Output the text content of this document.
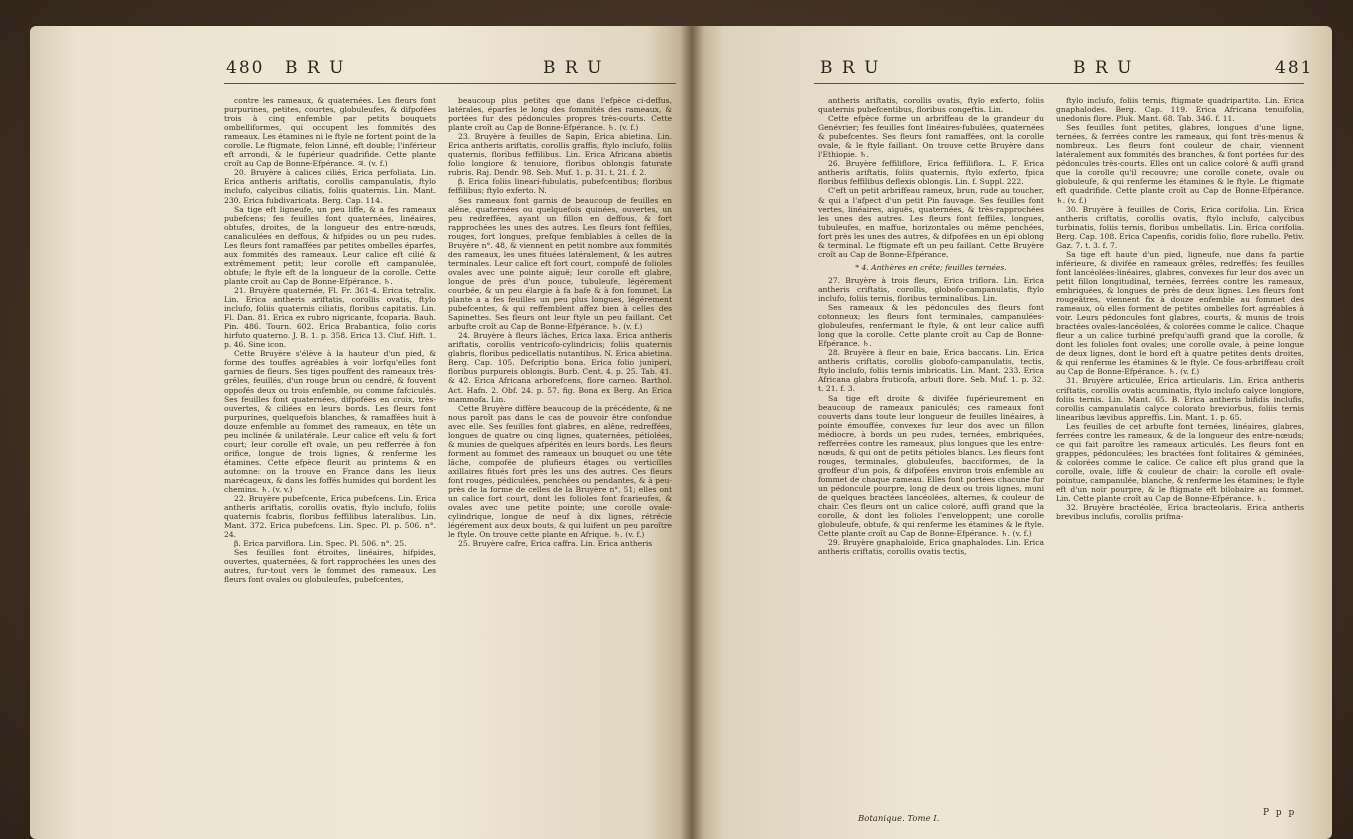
480 B R U	B R U	B R U	B R U	481

contre les rameaux, & quaternées. Les fleurs font purpurines, petites, courtes, globuleufes, & difpofées trois à cinq enfemble par petits bouquets ombelliformes, qui occupent les fommités des rameaux. Les étamines ni le ftyle ne fortent point de la corolle. Le ftigmate, felon Linné, eft double; l'inférieur eft arrondi, & le fupérieur quadrifide. Cette plante croît au Cap de Bonne-Efpérance. ♃. (v. f.)

20. Bruyère à calices ciliés, Erica perfoliata. Lin. Erica antheris ariftatis, corollis campanulatis, ftylo inclufo, calycibus ciliatis, foliis quaternis. Lin. Mant. 230. Erica fubdivaricata. Berg. Cap. 114.

Sa tige eft ligneufe, un peu liffe, & a fes rameaux pubefcens; fes feuilles font quaternées, linéaires, obtufes, droites, de la longueur des entre-nœuds, canaliculées en deffous, & hifpides ou un peu rudes. Les fleurs font ramaffées par petites ombelles éparfes, aux fommités des rameaux. Leur calice eft cilié & extrêmement petit; leur corolle eft campanulée, obtufe; le ftyle eft de la longueur de la corolle. Cette plante croît au Cap de Bonne-Efpérance. ♄.

21. Bruyère quaternée, Fl. Fr. 361-4. Erica tetralix. Lin. Erica antheris ariftatis, corollis ovatis, ftylo inclufo, foliis quaternis ciliatis, floribus capitatis. Lin. Fl. Dan. 81. Erica ex rubro nigricante, fcoparia. Bauh. Pin. 486. Tourn. 602. Erica Brabantica, folio coris hirfuto quaterno. J. B. 1. p. 358. Erica 13. Cluf. Hift. 1. p. 46. Sine icon.

Cette Bruyère s'élève à la hauteur d'un pied, & forme des touffes agréables à voir lorfqu'elles font garnies de fleurs. Ses tiges pouffent des rameaux très-grêles, feuillés, d'un rouge brun ou cendré, & fouvent oppofés deux ou trois enfemble, ou comme fafciculés. Ses feuilles font quaternées, difpofées en croix, très-ouvertes, & ciliées en leurs bords. Les fleurs font purpurines, quelquefois blanches, & ramaffées huit à douze enfemble au fommet des rameaux, en tête un peu inclinée & unilatérale. Leur calice eft velu & fort court; leur corolle eft ovale, un peu refferrée à fon orifice, longue de trois lignes, & renferme les étamines. Cette efpèce fleurit au printems & en automne: on la trouve en France dans les lieux marécageux, & dans les foffés humides qui bordent les chemins. ♄. (v. v.)

22. Bruyère pubefcente, Erica pubefcens. Lin. Erica antheris ariftatis, corollis ovatis, ftylo inclufo, foliis quaternis fcabris, floribus feffilibus lateralibus. Lin. Mant. 372. Erica pubefcens. Lin. Spec. Pl. p. 506. n°. 24.

β. Erica parviflora. Lin. Spec. Pl. 506. n°. 25.

Ses feuilles font étroites, linéaires, hifpides, ouvertes, quaternées, & fort rapprochées les unes des autres, fur-tout vers le fommet des rameaux. Les fleurs font ovales ou globuleufes, pubefcentes,

beaucoup plus petites que dans l'efpèce ci-deffus, latérales, éparfes le long des fommités des rameaux, & portées fur des pédoncules propres très-courts. Cette plante croît au Cap de Bonne-Efpérance. ♄. (v. f.)

23. Bruyère à feuilles de Sapin, Erica abietina. Lin. Erica antheris ariftatis, corollis graffis, ftylo inclufo, foliis quaternis, floribus feffilibus. Lin. Erica Africana abietis folio longiore & tenuiore, floribus oblongis faturate rubris. Raj. Dendr. 98. Seb. Muf. 1. p. 31. t. 21. f. 2.

β. Erica foliis lineari-fubulatis, pubefcentibus; floribus feffilibus; ftylo exferto. N.

Ses rameaux font garnis de beaucoup de feuilles en alêne, quaternées ou quelquefois quinées, ouvertes, un peu redreffées, ayant un fillon en deffous, & fort rapprochées les unes des autres. Les fleurs font feffiles, rouges, fort longues, prefque femblables à celles de la Bruyère n°. 48, & viennent en petit nombre aux fommités des rameaux, les unes fituées latéralement, & les autres terminales. Leur calice eft fort court, compofé de folioles ovales avec une pointe aiguë; leur corolle eft glabre, longue de près d'un pouce, tubuleufe, légérement courbée, & un peu élargie à fa bafe & à fon fommet. La plante a a fes feuilles un peu plus longues, légérement pubefcentes, & qui reffemblent affez bien à celles des Sapinettes. Ses fleurs ont leur ftyle un peu faillant. Cet arbufte croît au Cap de Bonne-Efpérance. ♄. (v. f.)

24. Bruyère à fleurs lâches, Erica laxa. Erica antheris ariftatis, corollis ventricofo-cylindricis; foliis quaternis glabris, floribus pedicellatis nutantibus. N. Erica abietina. Berg. Cap. 105. Defcriptio bona. Erica folio juniperi, floribus purpureis oblongis. Burb. Cent. 4. p. 25. Tab. 41. & 42. Erica Africana arborefcens, flore carneo. Barthol. Act. Hafn. 2. Obf. 24. p. 57. fig. Bona ex Berg. An Erica mammofa. Lin.

Cette Bruyère diffère beaucoup de la précédente, & ne nous paroît pas dans le cas de pouvoir être confondue avec elle. Ses feuilles font glabres, en alêne, redreffées, longues de quatre ou cinq lignes, quaternées, pétiolées, & munies de quelques afpérités en leurs bords. Les fleurs forment au fommet des rameaux un bouquet ou une tête lâche, compofée de plufieurs étages ou verticilles axillaires fitués fort près les uns des autres. Ces fleurs font rouges, pédiculées, penchées ou pendantes, & à peu-près de la forme de celles de la Bruyère n°. 51; elles ont un calice fort court, dont les folioles font fcarieufes, & ovales avec une petite pointe; une corolle ovale-cylindrique, longue de neuf à dix lignes, rétrécie légérement aux deux bouts, & qui luifent un peu paroître le ftyle. On trouve cette plante en Afrique. ♄. (v. f.)

25. Bruyère cafre, Erica caffra. Lin. Erica antheris

antheris ariftatis, corollis ovatis, ftylo exferto, foliis quaternis pubefcentibus, floribus congeftis. Lin.

Cette efpèce forme un arbriffeau de la grandeur du Genévrier; fes feuilles font linéaires-fubulées, quaternées & pubefcentes. Ses fleurs font ramaffées, ont la corolle ovale, & le ftyle faillant. On trouve cette Bruyère dans l'Ethiopie. ♄.

26. Bruyère feffiliflore, Erica feffiliflora. L. F. Erica antheris ariftatis, foliis quaternis, ftylo exferto, fpica floribus feffilibus deflexis oblongis. Lin. f. Suppl. 222.

C'eft un petit arbriffeau rameux, brun, rude au toucher, & qui a l'afpect d'un petit Pin fauvage. Ses feuilles font vertes, linéaires, aiguës, quaternées, & très-rapprochées les unes des autres. Les fleurs font feffiles, longues, tubuleufes, en maffue, horizontales ou même penchées, fort près les unes des autres, & difpofées en un épi oblong & terminal. Le ftigmate eft un peu faillant. Cette Bruyère croît au Cap de Bonne-Efpérance.

* 4. Anthères en crête; feuilles ternées.

27. Bruyère à trois fleurs, Erica triflora. Lin. Erica antheris criftatis, corollis, globofo-campanulatis, ftylo inclufo, foliis ternis, floribus terminalibus. Lin.

Ses rameaux & les pédoncules des fleurs font cotonneux; les fleurs font terminales, campanulées-globuleufes, renfermant le ftyle, & ont leur calice auffi long que la corolle. Cette plante croît au Cap de Bonne-Efpérance. ♄.

28. Bruyère à fleur en baie, Erica baccans. Lin. Erica antheris criftatis, corollis globofo-campanulatis, tectis, ftylo inclufo, foliis ternis imbricatis. Lin. Mant. 233. Erica Africana glabra fruticofa, arbuti flore. Seb. Muf. 1. p. 32. t. 21. f. 3.

Sa tige eft droite & divifée fupérieurement en beaucoup de rameaux paniculés; ces rameaux font couverts dans toute leur longueur de feuilles linéaires, à pointe émouffée, convexes fur leur dos avec un fillon médiocre, à bords un peu rudes, ternées, embriquées, refferrées contre les rameaux, plus longues que les entre-nœuds, & qui ont de petits pétioles blancs. Les fleurs font rouges, terminales, globuleufes, bacciformes, de la groffeur d'un pois, & difpofées environ trois enfemble au fommet de chaque rameau. Elles font portées chacune fur un pédoncule pourpre, long de deux ou trois lignes, muni de quelques bractées lancéolées, alternes, & couleur de chair. Ces fleurs ont un calice coloré, auffi grand que la corolle, & dont les folioles l'enveloppent; une corolle globuleufe, obtufe, & qui renferme les étamines & le ftyle. Cette plante croît au Cap de Bonne-Efpérance. ♄. (v. f.)

29. Bruyère gnaphaloïde, Erica gnaphalodes. Lin. Erica antheris criftatis, corollis ovatis tectis,

ftylo inclufo, foliis ternis, ftigmate quadripartito. Lin. Erica gnaphalodes. Berg. Cap. 119. Erica Africana tenuifolia, unedonis flore. Pluk. Mant. 68. Tab. 346. f. 11.

Ses feuilles font petites, glabres, longues d'une ligne, ternées, & ferrées contre les rameaux, qui font très-menus & nombreux. Les fleurs font couleur de chair, viennent latéralement aux fommités des branches, & font portées fur des pédoncules très-courts. Elles ont un calice coloré & auffi grand que la corolle qu'il recouvre; une corolle conete, ovale ou globuleufe, & qui renferme les étamines & le ftyle. Le ftigmate eft quadrifide. Cette plante croît au Cap de Bonne-Efpérance. ♄. (v. f.)

30. Bruyère à feuilles de Coris, Erica corifolia. Lin. Erica antheris criftatis, corollis ovatis, ftylo inclufo, calycibus turbinatis, foliis ternis, floribus umbellatis. Lin. Erica corifolia. Berg. Cap. 108. Erica Capenfis, coridis folio, flore rubello. Petiv. Gaz. 7. t. 3. f. 7.

Sa tige eft haute d'un pied, ligneufe, nue dans fa partie inférieure, & divifée en rameaux grêles, redreffés; fes feuilles font lancéolées-linéaires, glabres, convexes fur leur dos avec un petit fillon longitudinal, ternées, ferrées contre les rameaux, embriquées, & longues de près de deux lignes. Les fleurs font rougeâtres, viennent fix à douze enfemble au fommet des rameaux, où elles forment de petites ombelles fort agréables à voir. Leurs pédoncules font glabres, courts, & munis de trois bractées ovales-lancéolées, & colorées comme le calice. Chaque fleur a un calice turbiné prefqu'auffi grand que la corolle, & dont les folioles font ovales; une corolle ovale, à peine longue de deux lignes, dont le bord eft à quatre petites dents droites, & qui renferme les étamines & le ftyle. Ce fous-arbriffeau croît au Cap de Bonne-Efpérance. ♄. (v. f.)

31. Bruyère articulée, Erica articularis. Lin. Erica antheris criftatis, corollis ovatis acuminatis, ftylo inclufo calyce longiore, foliis ternis. Lin. Mant. 65. B. Erica antheris bifidis inclufis, corollis campanulatis calyce colorato breviorbus, foliis ternis linearibus lævibus appreffis. Lin. Mant. 1. p. 65.

Les feuilles de cet arbufte font ternées, linéaires, glabres, ferrées contre les rameaux, & de la longueur des entre-nœuds; ce qui fait paroître les rameaux articulés. Les fleurs font en grappes, pédonculées; les bractées font folitaires & géminées, & colorées comme le calice. Ce calice eft plus grand que la corolle, ovale, liffe & couleur de chair: la corolle eft ovale-pointue, campanulée, blanche, & renferme les étamines; le ftyle eft d'un noir pourpre, & le ftigmate eft bilobaire au fommet. Lin. Cette plante croît au Cap de Bonne-Efpérance. ♄.

32. Bruyère bractéolée, Erica bracteolaris. Erica antheris brevibus inclufis, corollis prifma-

Botanique. Tome I.
P p p
